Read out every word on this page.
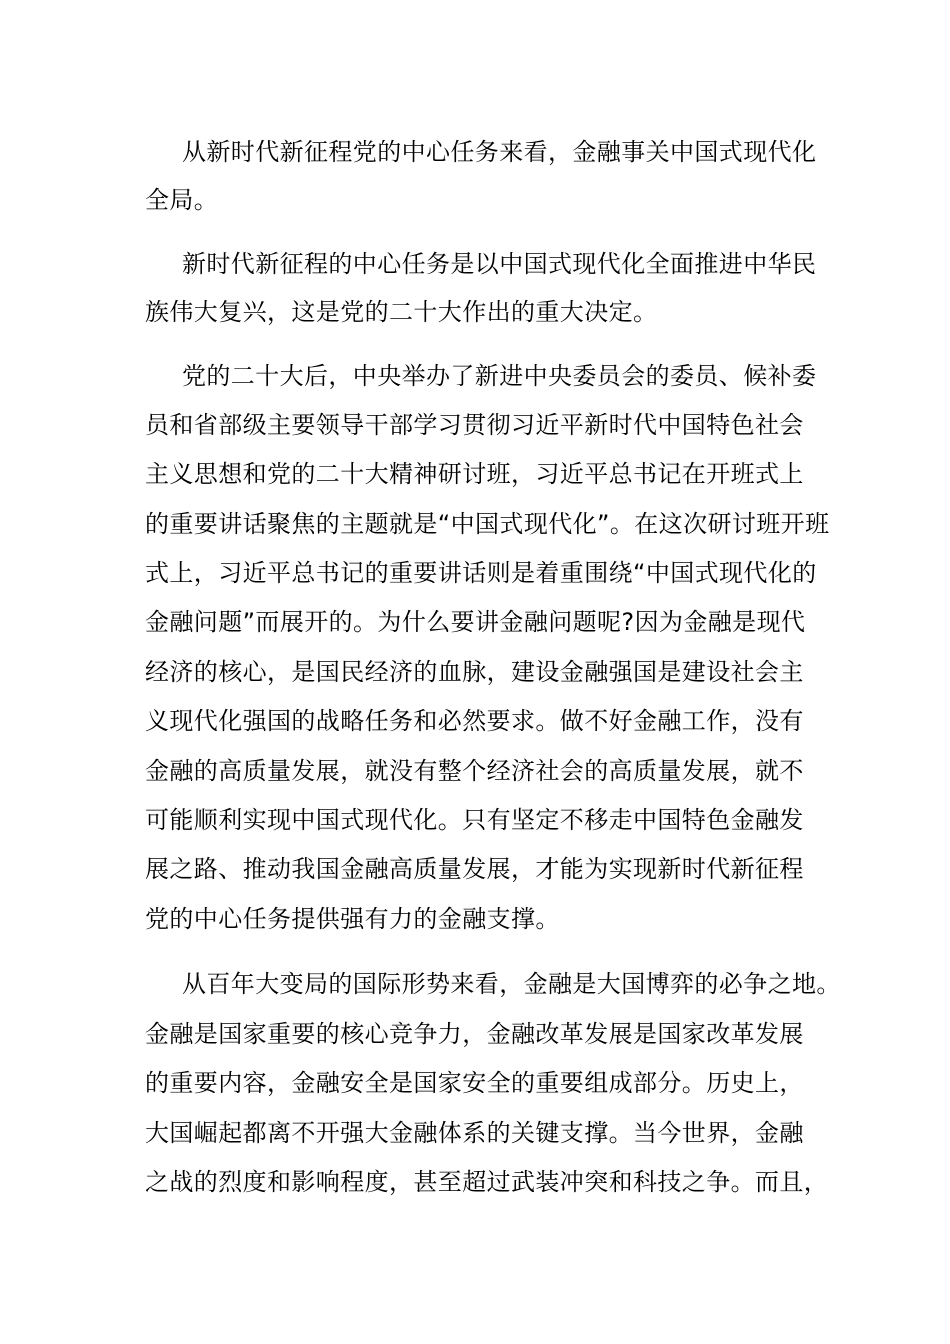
从新时代新征程党的中心任务来看，金融事关中国式现代化
全局。
新时代新征程的中心任务是以中国式现代化全面推进中华民
族伟大复兴，这是党的二十大作出的重大决定。
党的二十大后，中央举办了新进中央委员会的委员、候补委
员和省部级主要领导干部学习贯彻习近平新时代中国特色社会
主义思想和党的二十大精神研讨班，习近平总书记在开班式上
的重要讲话聚焦的主题就是“中国式现代化”。在这次研讨班开班
式上，习近平总书记的重要讲话则是着重围绕“中国式现代化的
金融问题”而展开的。为什么要讲金融问题呢?因为金融是现代
经济的核心，是国民经济的血脉，建设金融强国是建设社会主
义现代化强国的战略任务和必然要求。做不好金融工作，没有
金融的高质量发展，就没有整个经济社会的高质量发展，就不
可能顺利实现中国式现代化。只有坚定不移走中国特色金融发
展之路、推动我国金融高质量发展，才能为实现新时代新征程
党的中心任务提供强有力的金融支撑。
从百年大变局的国际形势来看，金融是大国博弈的必争之地。
金融是国家重要的核心竞争力，金融改革发展是国家改革发展
的重要内容，金融安全是国家安全的重要组成部分。历史上，
大国崛起都离不开强大金融体系的关键支撑。当今世界，金融
之战的烈度和影响程度，甚至超过武装冲突和科技之争。而且，
